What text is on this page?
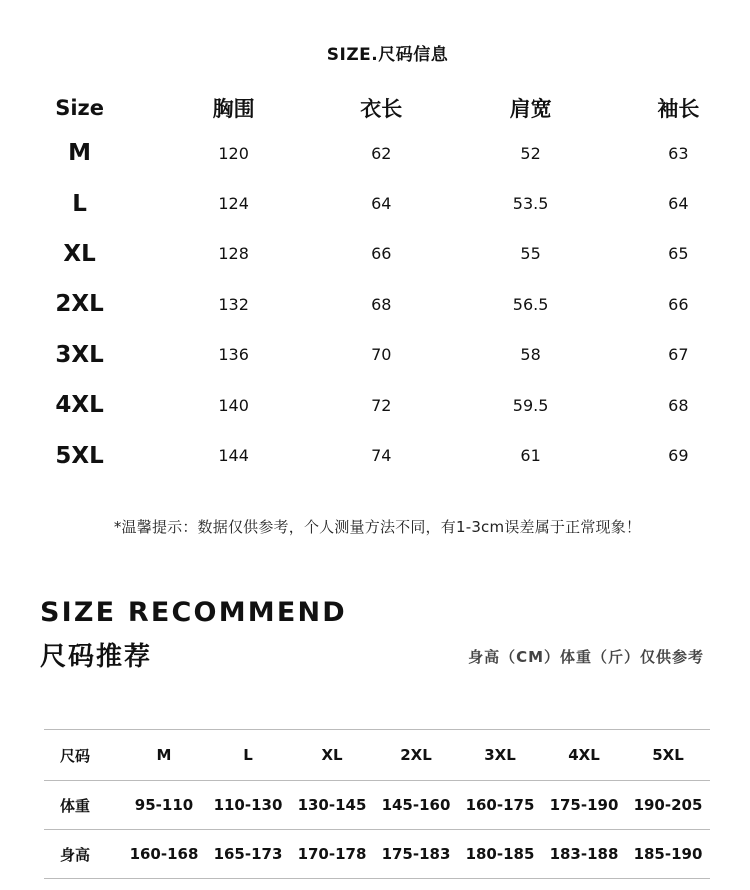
SIZE.尺码信息
Size	胸围	衣长	肩宽	袖长
M	120	62	52	63
L	124	64	53.5	64
XL	128	66	55	65
2XL	132	68	56.5	66
3XL	136	70	58	67
4XL	140	72	59.5	68
5XL	144	74	61	69
*温馨提示：数据仅供参考，个人测量方法不同，有1-3cm误差属于正常现象！
SIZE RECOMMEND
尺码推荐	身高（CM）体重（斤）仅供参考
尺码	M	L	XL	2XL	3XL	4XL	5XL
体重	95-110	110-130	130-145	145-160	160-175	175-190	190-205
身高	160-168	165-173	170-178	175-183	180-185	183-188	185-190
